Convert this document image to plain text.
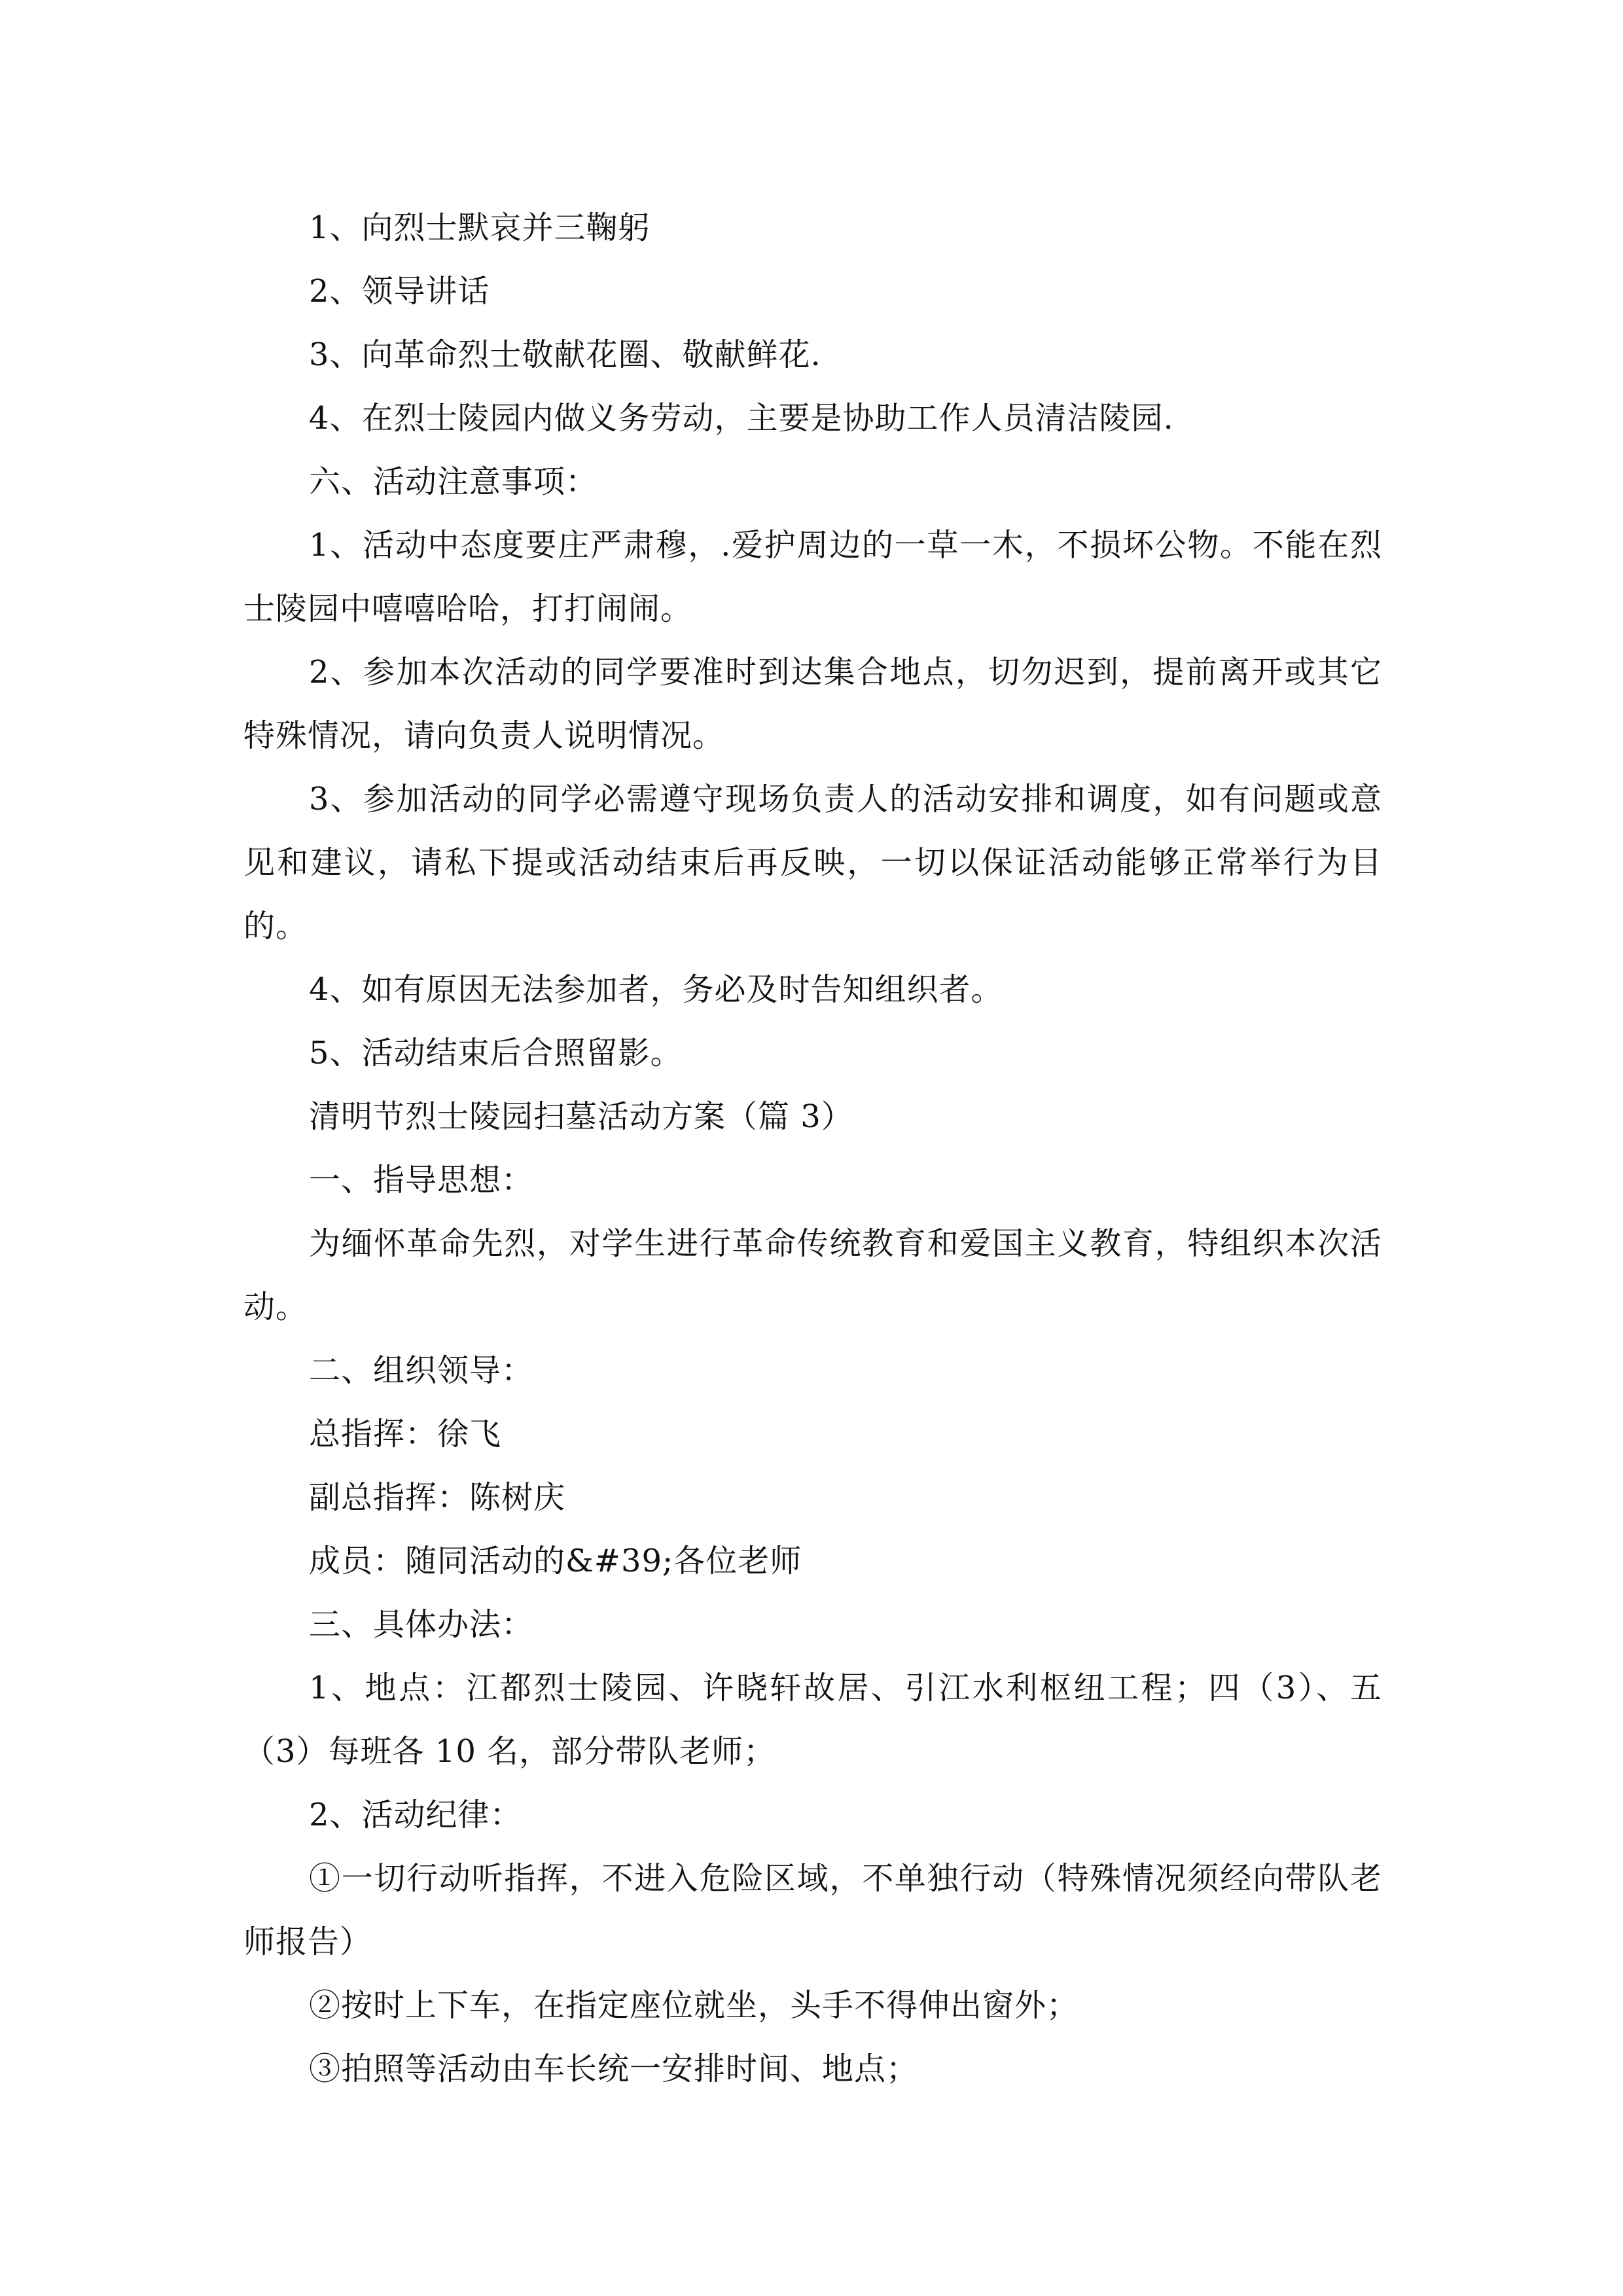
1、向烈士默哀并三鞠躬

2、领导讲话

3、向革命烈士敬献花圈、敬献鲜花.

4、在烈士陵园内做义务劳动，主要是协助工作人员清洁陵园.

六、活动注意事项：

1、活动中态度要庄严肃穆，.爱护周边的一草一木，不损坏公物。不能在烈士陵园中嘻嘻哈哈，打打闹闹。

2、参加本次活动的同学要准时到达集合地点，切勿迟到，提前离开或其它特殊情况，请向负责人说明情况。

3、参加活动的同学必需遵守现场负责人的活动安排和调度，如有问题或意见和建议，请私下提或活动结束后再反映，一切以保证活动能够正常举行为目的。

4、如有原因无法参加者，务必及时告知组织者。

5、活动结束后合照留影。

清明节烈士陵园扫墓活动方案（篇 3）

一、指导思想：

为缅怀革命先烈，对学生进行革命传统教育和爱国主义教育，特组织本次活动。

二、组织领导：

总指挥：徐飞

副总指挥：陈树庆

成员：随同活动的&#39;各位老师

三、具体办法：

1、地点：江都烈士陵园、许晓轩故居、引江水利枢纽工程；四（3）、五（3）每班各 10 名，部分带队老师；

2、活动纪律：

①一切行动听指挥，不进入危险区域，不单独行动（特殊情况须经向带队老师报告）

②按时上下车，在指定座位就坐，头手不得伸出窗外；

③拍照等活动由车长统一安排时间、地点；
